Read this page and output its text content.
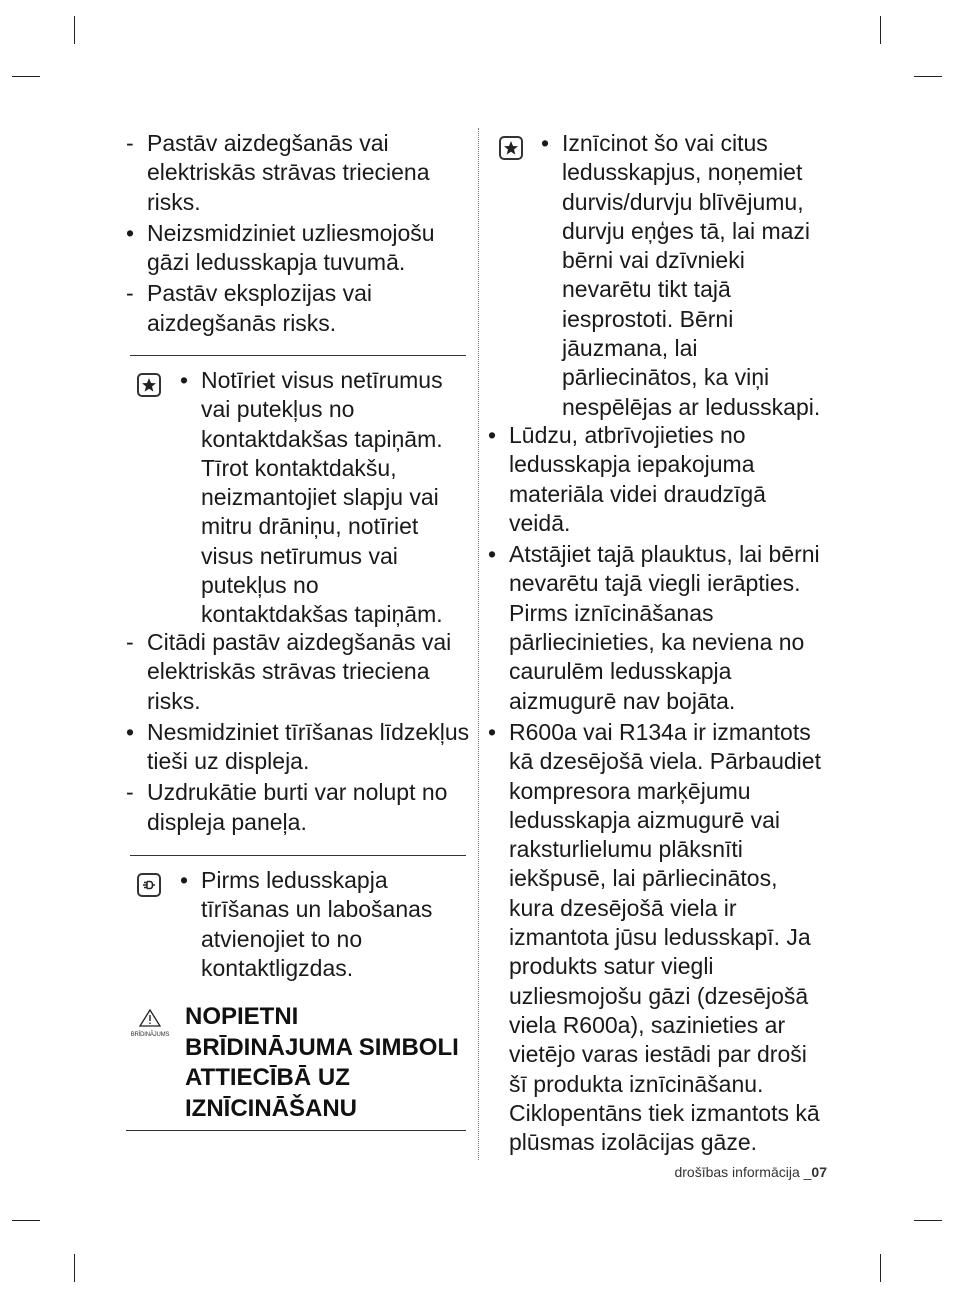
- Pastāv aizdegšanās vai elektriskās strāvas trieciena risks.
• Neizsmidziniet uzliesmojošu gāzi ledusskapja tuvumā.
- Pastāv eksplozijas vai aizdegšanās risks.
• Notīriet visus netīrumus vai putekļus no kontaktdakšas tapiņām. Tīrot kontaktdakšu, neizmantojiet slapju vai mitru drāniņu, notīriet visus netīrumus vai putekļus no kontaktdakšas tapiņām.
- Citādi pastāv aizdegšanās vai elektriskās strāvas trieciena risks.
• Nesmidziniet tīrīšanas līdzekļus tieši uz displeja.
- Uzdrukātie burti var nolupt no displeja paneļa.
• Pirms ledusskapja tīrīšanas un labošanas atvienojiet to no kontaktligzdas.
BRĪDINĀJUMS
NOPIETNI BRĪDINĀJUMA SIMBOLI ATTIECĪBĀ UZ IZNĪCINĀŠANU
• Iznīcinot šo vai citus ledusskapjus, noņemiet durvis/durvju blīvējumu, durvju eņģes tā, lai mazi bērni vai dzīvnieki nevarētu tikt tajā iesprostoti. Bērni jāuzmana, lai pārliecinātos, ka viņi nespēlējas ar ledusskapi.
• Lūdzu, atbrīvojieties no ledusskapja iepakojuma materiāla videi draudzīgā veidā.
• Atstājiet tajā plauktus, lai bērni nevarētu tajā viegli ierāpties. Pirms iznīcināšanas pārliecinieties, ka neviena no caurulēm ledusskapja aizmugurē nav bojāta.
• R600a vai R134a ir izmantots kā dzesējošā viela. Pārbaudiet kompresora marķējumu ledusskapja aizmugurē vai raksturlielumu plāksnīti iekšpusē, lai pārliecinātos, kura dzesējošā viela ir izmantota jūsu ledusskapī. Ja produkts satur viegli uzliesmojošu gāzi (dzesējošā viela R600a), sazinieties ar vietējo varas iestādi par droši šī produkta iznīcināšanu. Ciklopentāns tiek izmantots kā plūsmas izolācijas gāze.
drošības informācija _07
